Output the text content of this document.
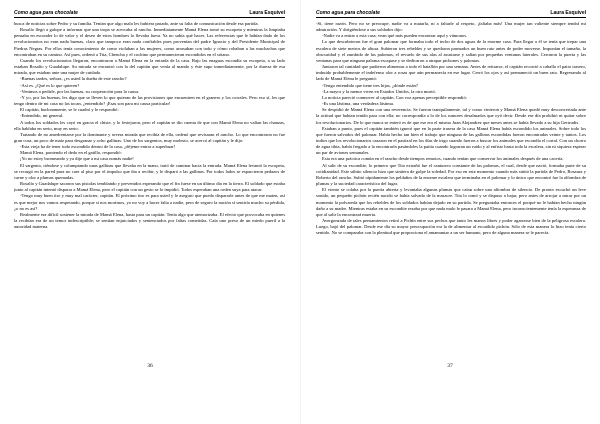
Como agua para chocolate	Laura Esquivel

busca de noticias sobre Pedro y su familia. Tenían que algo malo les hubiera pasado, ante su falta de comunicación desde esa partida.

Rosalío llegó a galope a informar que una tropa se acercaba al rancho. Inmediatamente Mamá Elena tomó su escopeta y mientras la limpiaba pensaba en esconder lo de valor y el deseo de estos hombres lo llevaba fuera. Ya no sabía qué hacer. Las referencias que le habían dado de los revolucionarios no eran nada buenas, claro que tampoco eran nada confiables pues provenían del padre Ignacio y del Presidente Municipal de Piedras Negras. Por ellos tenía conocimiento de como violaban a las mujeres, como arrasaban con todo y cómo robaban a las muchachas que encontraban en su camino. Así pues, ordenó a Tita, Chencha y el cochino que permanecieran escondidos en el sótano.

Cuando los revolucionarios llegaron, encontraron a Mamá Elena en la entrada de la casa. Bajo las enaguas escondía su escopeta, a su lado estaban Rosalío y Guadalupe. Su mirada se encontró con la del capitán que venía al mando y éste supo inmediatamente, por la dureza de esa mirada, que estaban ante una mujer de cuidado.

-Buenas tardes, señora, ¿es usted la dueña de este rancho?

-Así es. ¿Qué es lo que quieren?

-Venimos a pedirle, por las buenas, su cooperación para la causa.

-Y yo, por las buenas, les digo que se lleven lo que quieran de las provisiones que encuentren en el granero y los corrales. Pero eso sí, les que tengo dentro de mi casa no las tocan, ¿entendido? ¡Esas son para mi causa particular!

El capitán, burlonamente, se le cuadró y le respondió:

-Entendido, mi general.

A todos los soldados les cayó en gracia el chiste, y lo festejaron, pero el capitán se dio cuenta de que con Mamá Elena no valían las chanzas, ella hablaba en serio, muy en serio.

Tratando de no amedrentarse por la dominante y severa mirada que recibía de ella, ordenó que revisaran el rancho. Lo que encontraron no fue gran cosa, un poco de maíz para desgranar y ocho gallinas. Uno de los sargentos, muy molesto, se acercó al capitán y le dijo:

-Esta vieja ha de tener todo escondido dentro de la casa, ¿déjeme entrar a superbuar!

Mamá Elena, poniendo el dedo en el gatillo, respondió:

¡Yo no estoy bromeando y ya dije que a mi casa nomás nadie!

El sargento, riéndose y columpiando unas gallinas que llevaba en la mano, trató de caminar hacia la entrada. Mamá Elena levantó la escopeta, se recargó en la pared para no caer al piso por el impulso que iba a recibir, y le disparó a las gallinas. Por todos lados se esparcieron pedazos de carne y olor a plumas quemadas.

Rosalío y Guadalupe sacaron sus pistolas temblando y prevenidos esperando que el fin fuese en un último día en la tierra. El soldado que estaba junto al capitán intentó disparar a Mamá Elena, pero el capitán con un gesto se lo impidió. Todos esperaban una orden suya para atacar.

-Tengo muy buen tiro y muy mal carácter, capitán. El próximo tiro es para usted y le aseguro que puedo dispararle antes de que me maten, así es que mejor nos vamos respetando, porque si nos morimos, yo no voy a hacer falta a nadie, pero de seguro la nación sí sentiría mucho su pérdida, ¿o no es así?

Realmente era difícil sostener la mirada de Mamá Elena, hasta para un capitán. Tenía algo que atemorizaba. El efecto que provocaba en quienes la recibían era de un temor indescriptible; se sentían enjuiciados y sentenciados por faltas cometidas. Caía uno preso de un miedo pueril a la autoridad materna.

36
Como agua para chocolate	Laura Esquivel

-Sí, tiene razón. Pero no se preocupe, nadie va a matarla, ni a faltarle al respeto, ¡faltaba más! Una mujer tan valiente siempre tendrá mi admiración. Y dirigiéndose a sus soldados dijo:

-Nadie va a entrar a esta casa, vean qué más pueden encontrar aquí y vámonos.

Lo que descubrieron fue el gran palomar que formaba todo el techo de dos aguas de la enorme casa. Para llegar a él se tenía que trepar una escalera de siete metros de altura. Subieron tres rebeldes y se quedaron pasmados un buen rato antes de poder moverse. Imponían el tamaño, la obscuridad y el zumbido de las palomas, el revuelo de sus alas al asustarse y salían por pequeñas ventanas laterales. Cerraron la puerta y las ventanas para que ninguna paloma escapase y se dedicaron a atrapar pichones y palomas.

Juntaron tal cantidad que pudieron alimentar a todo el batallón por una semana. Antes de retirarse, el capitán recorrió a caballo el patio trasero, imbuido probablemente el indefenso olor a rosas que aún permanecía en ese lugar. Cerró los ojos y así permaneció un buen rato. Regresando al lado de Mamá Elena le preguntó:

-Tengo entendido que tiene tres hijas, ¿dónde están?

-La mayor y la menor viven en Estados Unidos, la otra murió.

La noticia pareció conmover al capitán. Con voz apenas perceptible respondió:

-Es una lástima, una verdadera lástima.

Se despidió de Mamá Elena con una reverencia. Se fueron tranquilamente, tal y como vinieron y Mamá Elena quedó muy desconcertada ante la actitud que habían tenido para con ella; no correspondía a lo de los rumores desalmados que oyó decir. Desde ese día prohibió ni quitar sobre los revolucionarios. De lo que nunca se enteró es de que ese era el mismo Juan Alejandrez que meses antes se había llevado a su hija Gertrudis.

Estaban a punto, pues el capitán también ignoró que en la parte trasera de la casa Mamá Elena había escondido los animales. Sobre todo los que fueron salvados del palomar. Había hecho tan bien el trabajo que ninguna de las gallinas escondidas fueron encontradas veinte y tantos. Los indios que los revolucionarios cazaron en el pastizal en los días de trigo cuando fueron a buscar los animales que escondía el corral. Con un chorro de agua tibia, había fregado a la encontrarla pasándoles la patita cuando lograran un ruido y al enfriar hasta toda la escalera, sin ni siquiera esperar un par de aviones semanales.

Esta era una práctica común en el rancho desde tiempos remotos, cuando tenían que conservar los animales después de una cacería.

Al salir de su escondite, lo primero que Tita extrañó fue el canturreo constante de las palomas, el cual, desde que nació, formaba parte de su cotidianidad. Este súbito silencio hizo que sintiera de golpe la soledad. Por eso en este momento cuando más sintió la partida de Pedro, Rosaura y Roberto del rancho. Subió rápidamente los peldaños de la enorme escalera que terminaba en el palomar y lo único que encontró fue la alfombra de plumas y la suciedad característica del lugar.

El viento se colaba por la puerta abierta y levantaba algunas plumas que caían sobre una alfombra de silencio. De pronto escuchó un leve sonido, un pequeño pichón recién nacido se había salvado de la masacre. Tita lo tomó y se dispuso a bajar, pero antes de arrojar a mirar por un momento la polvareda que los rebeldes de los soldados habían dejado en su partida. Se preguntaba entonces el porqué no le habían hecho ningún daño a su madre. Mientras estaba en su escondite rezaba por que nada malo le pasara a Mamá Elena, pero inconscientemente tenía la esperanza de que al salir la encontrará muerta.

Avergonzada de tales pensamientos retiró a Pichín entre sus pechos que tanto les manos libres y poder agarrarse bien de la peligrosa escalera. Luego, bajó del palomar. Desde ese día su mayor preocupación era la de alimentar al escuálido pichón. Sólo de esta manera lo hizo tenía cierto sentido. No se comparaba con la plenitud que proporciona el amamantar a un ser humano, pero de alguna manera se le parecía.

37
